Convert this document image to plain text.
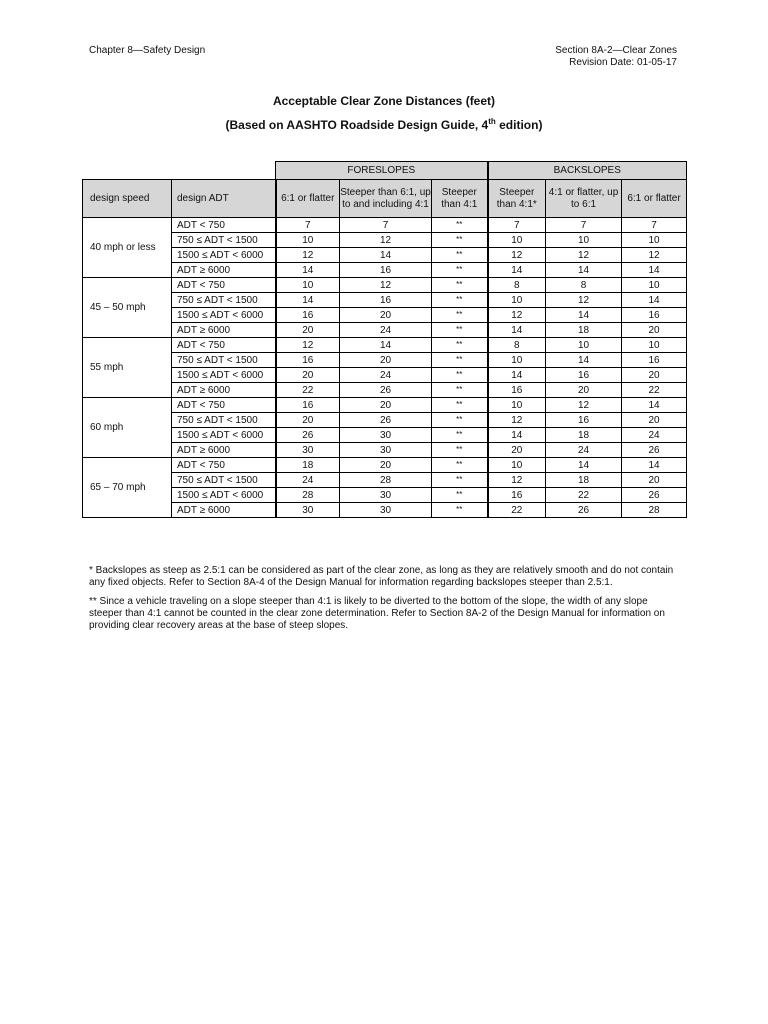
Chapter 8—Safety Design	Section 8A-2—Clear Zones
Revision Date: 01-05-17
Acceptable Clear Zone Distances (feet)
(Based on AASHTO Roadside Design Guide, 4th edition)
		FORESLOPES			BACKSLOPES		
design speed	design ADT	6:1 or flatter	Steeper than 6:1, up to and including 4:1	Steeper than 4:1	Steeper than 4:1*	4:1 or flatter, up to 6:1	6:1 or flatter
40 mph or less	ADT < 750	7	7	**	7	7	7
	750 ≤ ADT < 1500	10	12	**	10	10	10
	1500 ≤ ADT < 6000	12	14	**	12	12	12
	ADT ≥ 6000	14	16	**	14	14	14
45 – 50 mph	ADT < 750	10	12	**	8	8	10
	750 ≤ ADT < 1500	14	16	**	10	12	14
	1500 ≤ ADT < 6000	16	20	**	12	14	16
	ADT ≥ 6000	20	24	**	14	18	20
55 mph	ADT < 750	12	14	**	8	10	10
	750 ≤ ADT < 1500	16	20	**	10	14	16
	1500 ≤ ADT < 6000	20	24	**	14	16	20
	ADT ≥ 6000	22	26	**	16	20	22
60 mph	ADT < 750	16	20	**	10	12	14
	750 ≤ ADT < 1500	20	26	**	12	16	20
	1500 ≤ ADT < 6000	26	30	**	14	18	24
	ADT ≥ 6000	30	30	**	20	24	26
65 – 70 mph	ADT < 750	18	20	**	10	14	14
	750 ≤ ADT < 1500	24	28	**	12	18	20
	1500 ≤ ADT < 6000	28	30	**	16	22	26
	ADT ≥ 6000	30	30	**	22	26	28
* Backslopes as steep as 2.5:1 can be considered as part of the clear zone, as long as they are relatively smooth and do not contain any fixed objects. Refer to Section 8A-4 of the Design Manual for information regarding backslopes steeper than 2.5:1.
** Since a vehicle traveling on a slope steeper than 4:1 is likely to be diverted to the bottom of the slope, the width of any slope steeper than 4:1 cannot be counted in the clear zone determination. Refer to Section 8A-2 of the Design Manual for information on providing clear recovery areas at the base of steep slopes.
